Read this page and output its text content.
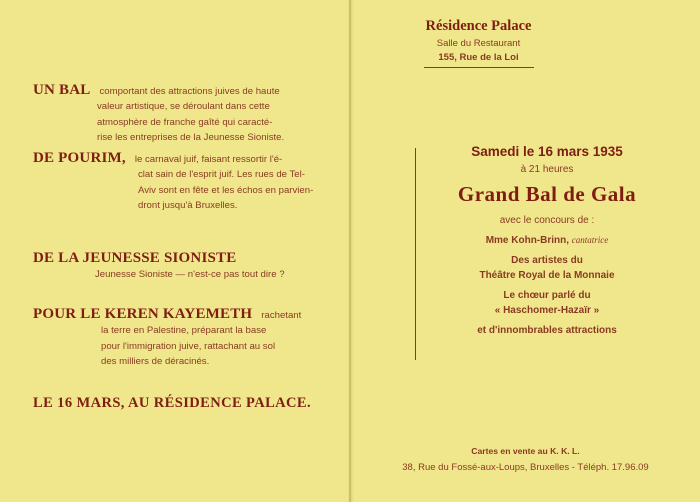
UN BAL comportant des attractions juives de haute
valeur artistique, se déroulant dans cette
atmosphère de franche gaîté qui caracté-
rise les entreprises de la Jeunesse Sioniste.
DE POURIM, le carnaval juif, faisant ressortir l'é-
clat sain de l'esprit juif. Les rues de Tel-
Aviv sont en fête et les échos en parvien-
dront jusqu'à Bruxelles.
DE LA JEUNESSE SIONISTE
Jeunesse Sioniste — n'est-ce pas tout dire ?
POUR LE KEREN KAYEMETH rachetant
la terre en Palestine, préparant la base
pour l'immigration juive, rattachant au sol
des milliers de déracinés.
LE 16 MARS, AU RÉSIDENCE PALACE.
Résidence Palace
Salle du Restaurant
155, Rue de la Loi
Samedi le 16 mars 1935
à 21 heures
Grand Bal de Gala
avec le concours de :
Mme Kohn-Brinn, cantatrice
Des artistes du
Théâtre Royal de la Monnaie
Le chœur parlé du
« Haschomer-Hazaïr »
et d'innombrables attractions
Cartes en vente au K. K. L.
38, Rue du Fossé-aux-Loups, Bruxelles - Téléph. 17.96.09
